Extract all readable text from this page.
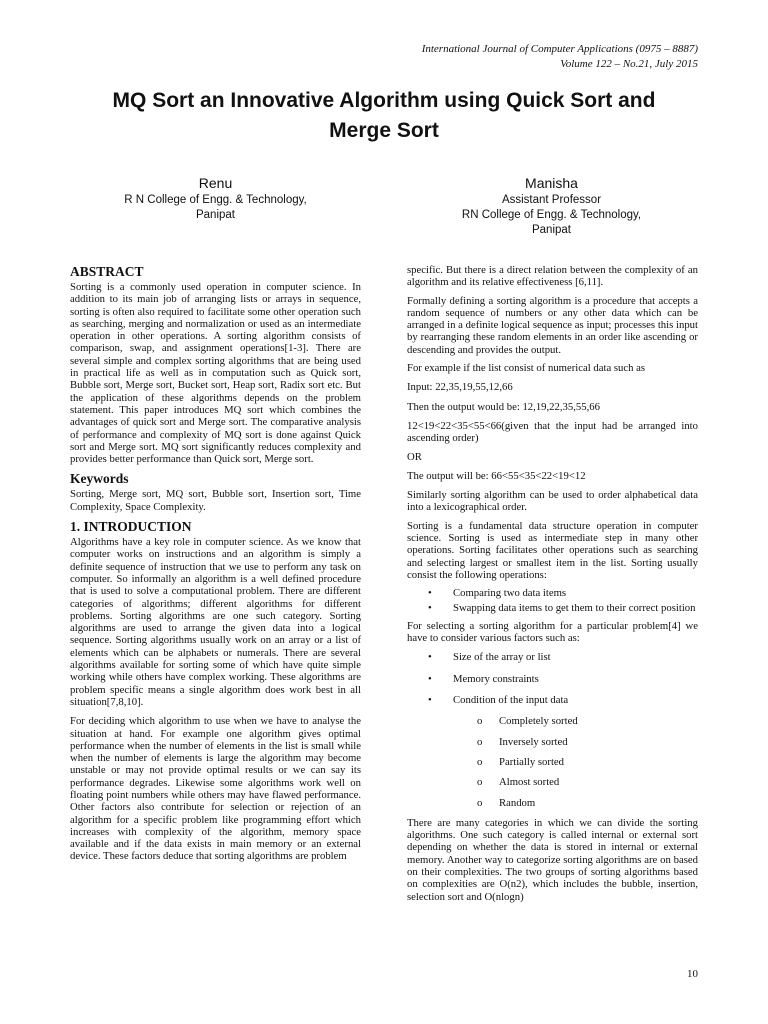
International Journal of Computer Applications (0975 – 8887)
Volume 122 – No.21, July 2015
MQ Sort an Innovative Algorithm using Quick Sort and
Merge Sort
Renu
R N College of Engg. & Technology,
Panipat
Manisha
Assistant Professor
RN College of Engg. & Technology,
Panipat
ABSTRACT

Sorting is a commonly used operation in computer science. In addition to its main job of arranging lists or arrays in sequence, sorting is often also required to facilitate some other operation such as searching, merging and normalization or used as an intermediate operation in other operations. A sorting algorithm consists of comparison, swap, and assignment operations[1-3]. There are several simple and complex sorting algorithms that are being used in practical life as well as in computation such as Quick sort, Bubble sort, Merge sort, Bucket sort, Heap sort, Radix sort etc. But the application of these algorithms depends on the problem statement. This paper introduces MQ sort which combines the advantages of quick sort and Merge sort. The comparative analysis of performance and complexity of MQ sort is done against Quick sort and Merge sort. MQ sort significantly reduces complexity and provides better performance than Quick sort, Merge sort.

Keywords

Sorting, Merge sort, MQ sort, Bubble sort, Insertion sort, Time Complexity, Space Complexity.

1. INTRODUCTION

Algorithms have a key role in computer science. As we know that computer works on instructions and an algorithm is simply a definite sequence of instruction that we use to perform any task on computer. So informally an algorithm is a well defined procedure that is used to solve a computational problem. There are different categories of algorithms; different algorithms for different problems. Sorting algorithms are one such category. Sorting algorithms are used to arrange the given data into a logical sequence. Sorting algorithms usually work on an array or a list of elements which can be alphabets or numerals. There are several algorithms available for sorting some of which have quite simple working while others have complex working. These algorithms are problem specific means a single algorithm does work best in all situation[7,8,10].

For deciding which algorithm to use when we have to analyse the situation at hand. For example one algorithm gives optimal performance when the number of elements in the list is small while when the number of elements is large the algorithm may become unstable or may not provide optimal results or we can say its performance degrades. Likewise some algorithms work well on floating point numbers while others may have flawed performance. Other factors also contribute for selection or rejection of an algorithm for a specific problem like programming effort which increases with complexity of the algorithm, memory space available and if the data exists in main memory or an external device. These factors deduce that sorting algorithms are problem

specific. But there is a direct relation between the complexity of an algorithm and its relative effectiveness [6,11].

Formally defining a sorting algorithm is a procedure that accepts a random sequence of numbers or any other data which can be arranged in a definite logical sequence as input; processes this input by rearranging these random elements in an order like ascending or descending and provides the output.

For example if the list consist of numerical data such as

Input: 22,35,19,55,12,66

Then the output would be: 12,19,22,35,55,66

12<19<22<35<55<66(given that the input had be arranged into ascending order)

OR

The output will be: 66<55<35<22<19<12

Similarly sorting algorithm can be used to order alphabetical data into a lexicographical order.

Sorting is a fundamental data structure operation in computer science. Sorting is used as intermediate step in many other operations. Sorting facilitates other operations such as searching and selecting largest or smallest item in the list. Sorting usually consist the following operations:

• Comparing two data items
• Swapping data items to get them to their correct position

For selecting a sorting algorithm for a particular problem[4] we have to consider various factors such as:

• Size of the array or list
• Memory constraints
• Condition of the input data
o Completely sorted
o Inversely sorted
o Partially sorted
o Almost sorted
o Random

There are many categories in which we can divide the sorting algorithms. One such category is called internal or external sort depending on whether the data is stored in internal or external memory. Another way to categorize sorting algorithms are on based on their complexities. The two groups of sorting algorithms based on complexities are O(n2), which includes the bubble, insertion, selection sort and O(nlogn)

10
